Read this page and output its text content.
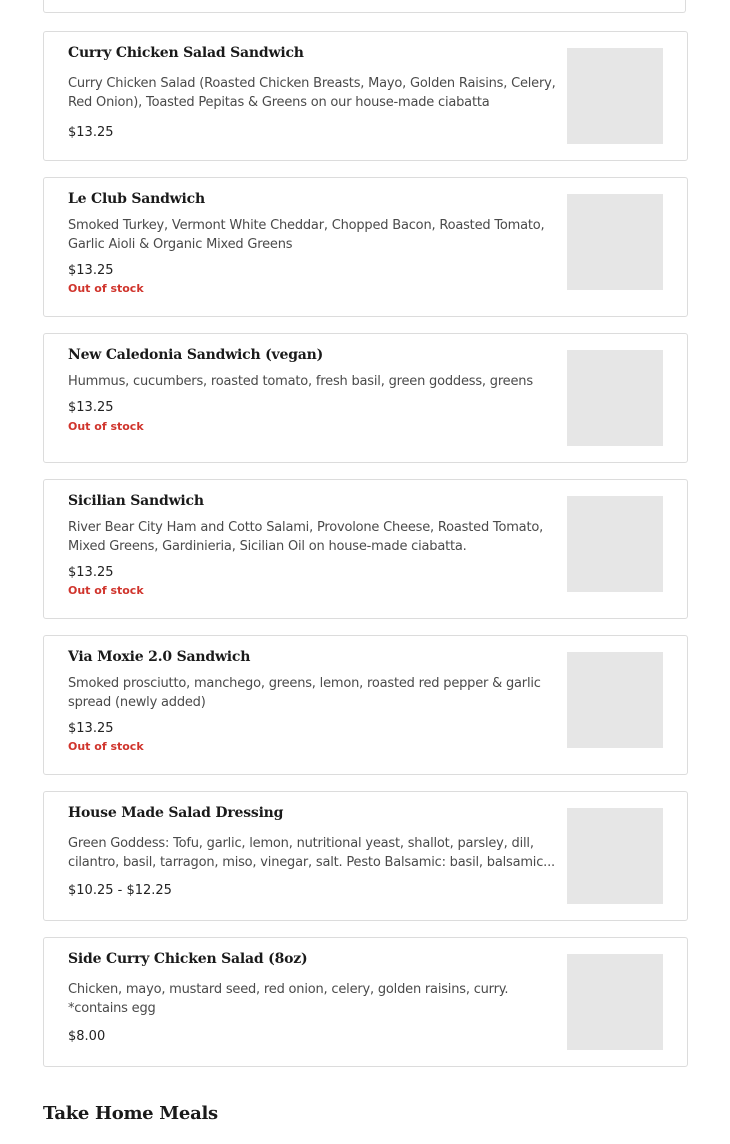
Curry Chicken Salad Sandwich
Curry Chicken Salad (Roasted Chicken Breasts, Mayo, Golden Raisins, Celery, Red Onion), Toasted Pepitas & Greens on our house-made ciabatta
$13.25
Le Club Sandwich
Smoked Turkey, Vermont White Cheddar, Chopped Bacon, Roasted Tomato, Garlic Aioli & Organic Mixed Greens
$13.25
Out of stock
New Caledonia Sandwich (vegan)
Hummus, cucumbers, roasted tomato, fresh basil, green goddess, greens
$13.25
Out of stock
Sicilian Sandwich
River Bear City Ham and Cotto Salami, Provolone Cheese, Roasted Tomato, Mixed Greens, Gardinieria, Sicilian Oil on house-made ciabatta.
$13.25
Out of stock
Via Moxie 2.0 Sandwich
Smoked prosciutto, manchego, greens, lemon, roasted red pepper & garlic spread (newly added)
$13.25
Out of stock
House Made Salad Dressing
Green Goddess: Tofu, garlic, lemon, nutritional yeast, shallot, parsley, dill, cilantro, basil, tarragon, miso, vinegar, salt. Pesto Balsamic: basil, balsamic...
$10.25 - $12.25
Side Curry Chicken Salad (8oz)
Chicken, mayo, mustard seed, red onion, celery, golden raisins, curry. *contains egg
$8.00
Take Home Meals
